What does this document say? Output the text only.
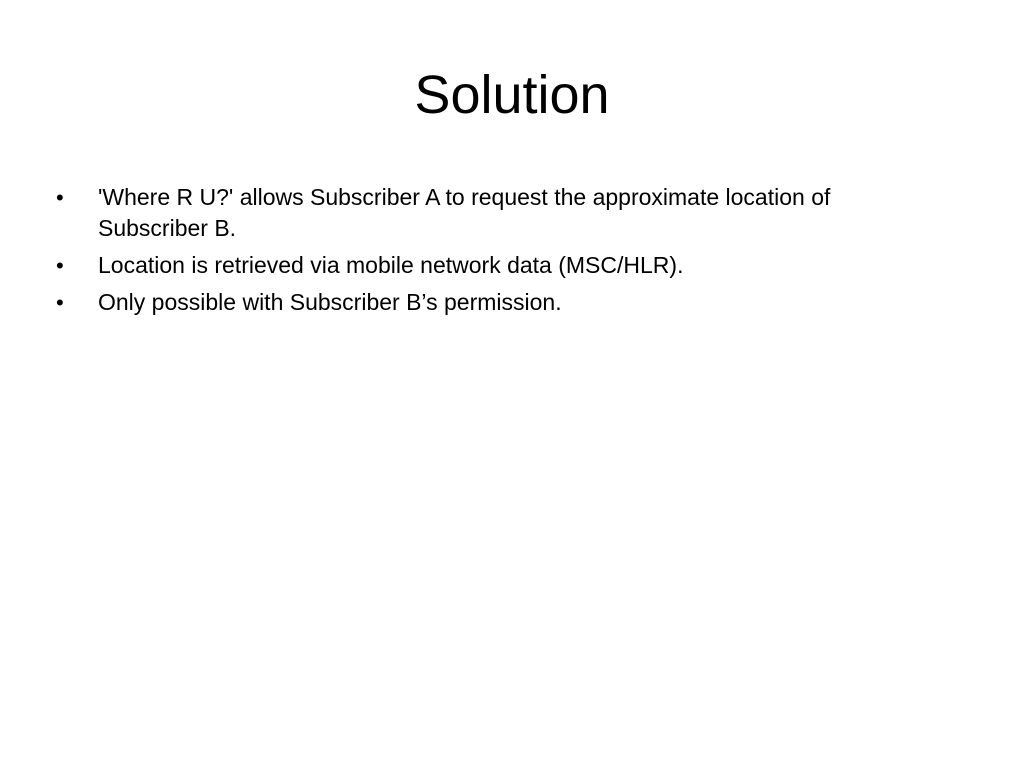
Solution
•	'Where R U?' allows Subscriber A to request the approximate location of Subscriber B.
•	Location is retrieved via mobile network data (MSC/HLR).
•	Only possible with Subscriber B’s permission.
